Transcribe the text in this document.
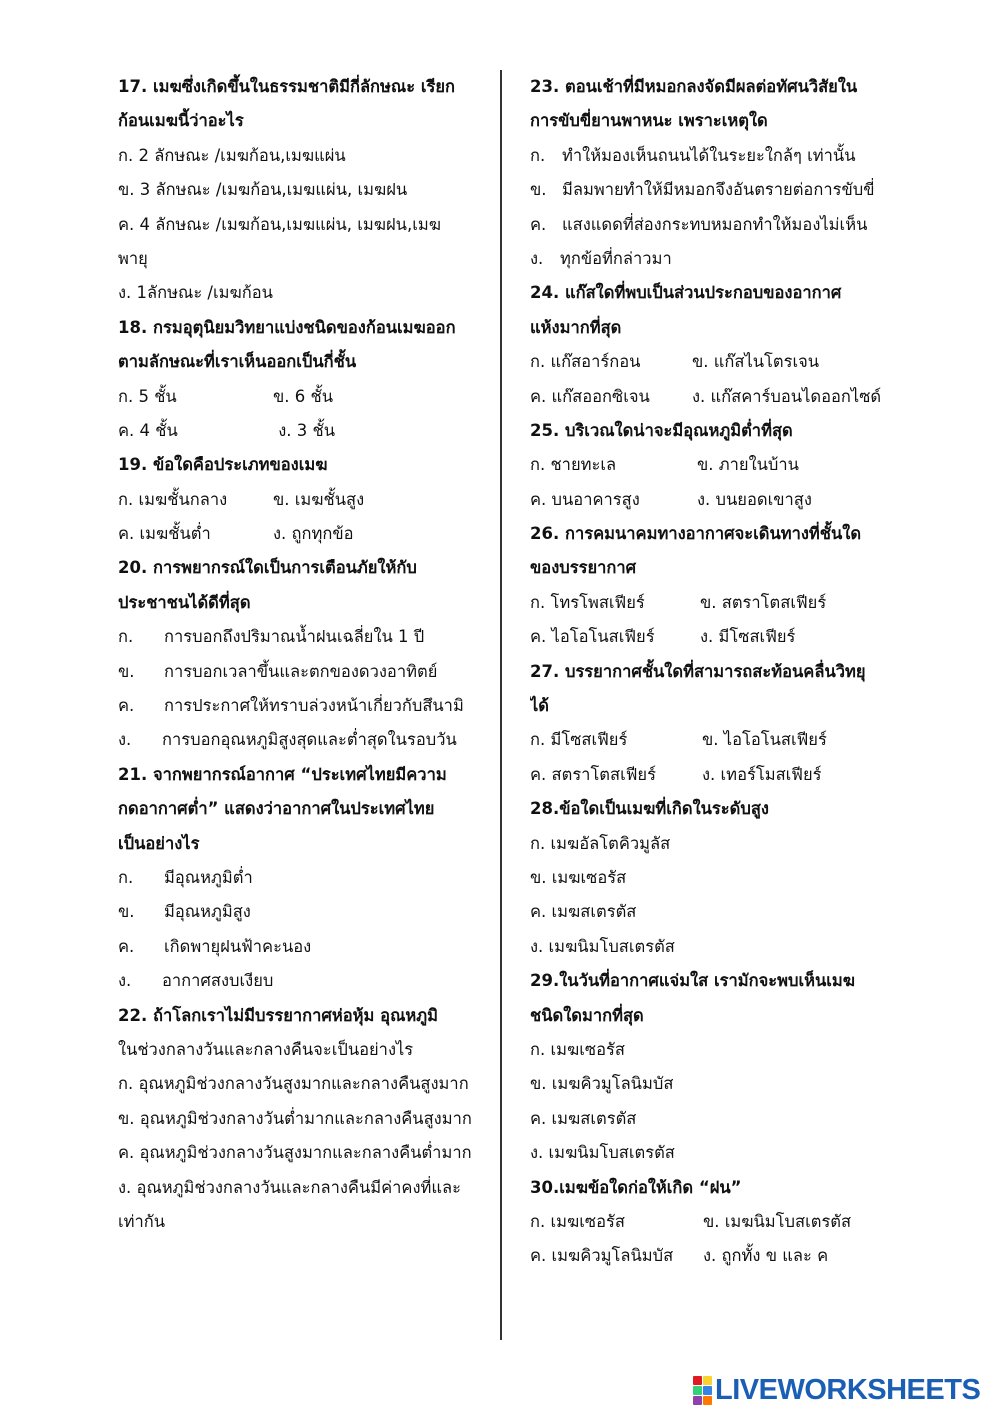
17. เมฆซึ่งเกิดขึ้นในธรรมชาติมีกี่ลักษณะ เรียก
ก้อนเมฆนี้ว่าอะไร
ก. 2 ลักษณะ /เมฆก้อน,เมฆแผ่น
ข. 3 ลักษณะ /เมฆก้อน,เมฆแผ่น, เมฆฝน
ค. 4 ลักษณะ /เมฆก้อน,เมฆแผ่น, เมฆฝน,เมฆ
พายุ
ง. 1ลักษณะ /เมฆก้อน
18. กรมอุตุนิยมวิทยาแบ่งชนิดของก้อนเมฆออก
ตามลักษณะที่เราเห็นออกเป็นกี่ชั้น
ก. 5 ชั้น	ข. 6 ชั้น
ค. 4 ชั้น	ง. 3 ชั้น
19. ข้อใดคือประเภทของเมฆ
ก. เมฆชั้นกลาง	ข. เมฆชั้นสูง
ค. เมฆชั้นต่ำ	ง. ถูกทุกข้อ
20. การพยากรณ์ใดเป็นการเตือนภัยให้กับ
ประชาชนได้ดีที่สุด
ก. การบอกถึงปริมาณน้ำฝนเฉลี่ยใน 1 ปี
ข. การบอกเวลาขึ้นและตกของดวงอาทิตย์
ค. การประกาศให้ทราบล่วงหน้าเกี่ยวกับสึนามิ
ง. การบอกอุณหภูมิสูงสุดและต่ำสุดในรอบวัน
21. จากพยากรณ์อากาศ “ประเทศไทยมีความ
กดอากาศต่ำ” แสดงว่าอากาศในประเทศไทย
เป็นอย่างไร
ก. มีอุณหภูมิต่ำ
ข. มีอุณหภูมิสูง
ค. เกิดพายุฝนฟ้าคะนอง
ง. อากาศสงบเงียบ
22. ถ้าโลกเราไม่มีบรรยากาศห่อหุ้ม อุณหภูมิ
ในช่วงกลางวันและกลางคืนจะเป็นอย่างไร
ก. อุณหภูมิช่วงกลางวันสูงมากและกลางคืนสูงมาก
ข. อุณหภูมิช่วงกลางวันต่ำมากและกลางคืนสูงมาก
ค. อุณหภูมิช่วงกลางวันสูงมากและกลางคืนต่ำมาก
ง. อุณหภูมิช่วงกลางวันและกลางคืนมีค่าคงที่และ
เท่ากัน
23. ตอนเช้าที่มีหมอกลงจัดมีผลต่อทัศนวิสัยใน
การขับขี่ยานพาหนะ เพราะเหตุใด
ก. ทำให้มองเห็นถนนได้ในระยะใกล้ๆ เท่านั้น
ข. มีลมพายทำให้มีหมอกจึงอันตรายต่อการขับขี่
ค. แสงแดดที่ส่องกระทบหมอกทำให้มองไม่เห็น
ง. ทุกข้อที่กล่าวมา
24. แก๊สใดที่พบเป็นส่วนประกอบของอากาศ
แห้งมากที่สุด
ก. แก๊สอาร์กอน	ข. แก๊สไนโตรเจน
ค. แก๊สออกซิเจน	ง. แก๊สคาร์บอนไดออกไซด์
25. บริเวณใดน่าจะมีอุณหภูมิต่ำที่สุด
ก. ชายทะเล	ข. ภายในบ้าน
ค. บนอาคารสูง	ง. บนยอดเขาสูง
26. การคมนาคมทางอากาศจะเดินทางที่ชั้นใด
ของบรรยากาศ
ก. โทรโพสเฟียร์	ข. สตราโตสเฟียร์
ค. ไอโอโนสเฟียร์	ง. มีโซสเฟียร์
27. บรรยากาศชั้นใดที่สามารถสะท้อนคลื่นวิทยุ
ได้
ก. มีโซสเฟียร์	ข. ไอโอโนสเฟียร์
ค. สตราโตสเฟียร์	ง. เทอร์โมสเฟียร์
28.ข้อใดเป็นเมฆที่เกิดในระดับสูง
ก. เมฆอัลโตคิวมูลัส
ข. เมฆเซอรัส
ค. เมฆสเตรตัส
ง. เมฆนิมโบสเตรตัส
29.ในวันที่อากาศแจ่มใส เรามักจะพบเห็นเมฆ
ชนิดใดมากที่สุด
ก. เมฆเซอรัส
ข. เมฆคิวมูโลนิมบัส
ค. เมฆสเตรตัส
ง. เมฆนิมโบสเตรตัส
30.เมฆข้อใดก่อให้เกิด “ฝน”
ก. เมฆเซอรัส	ข. เมฆนิมโบสเตรตัส
ค. เมฆคิวมูโลนิมบัส ง. ถูกทั้ง ข และ ค
LIVEWORKSHEETS
